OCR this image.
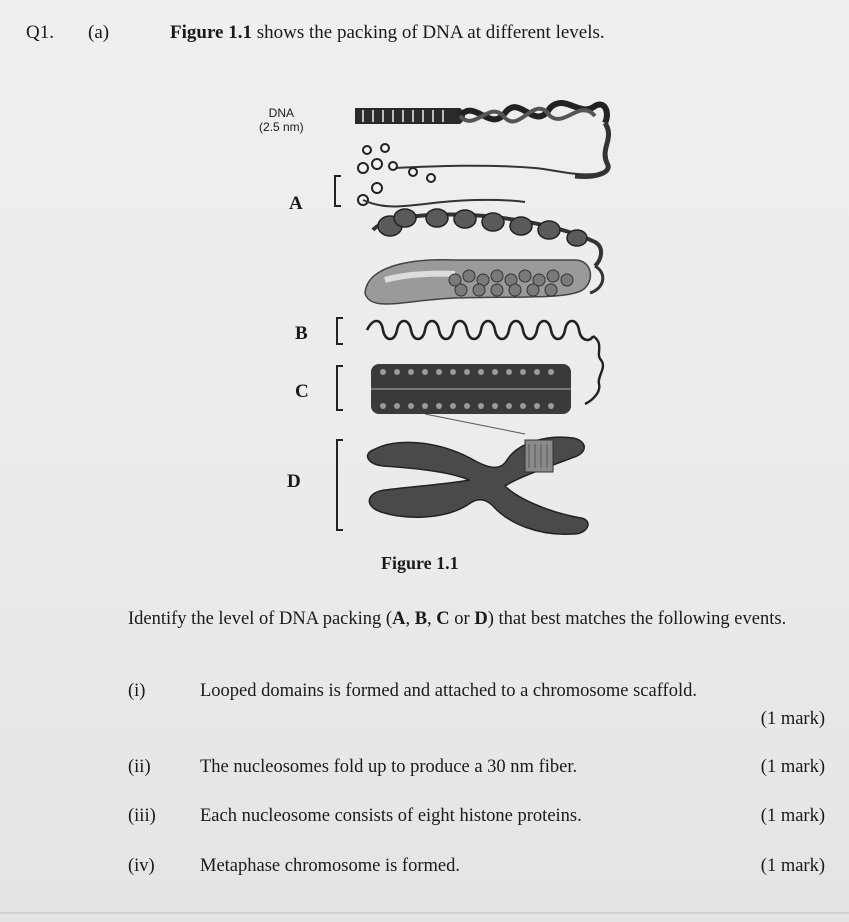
Q1. (a)	Figure 1.1 shows the packing of DNA at different levels.
DNA
(2.5 nm)
A
B
C
D
Figure 1.1
Identify the level of DNA packing (A, B, C or D) that best matches the following events.
(i)	Looped domains is formed and attached to a chromosome scaffold.
(1 mark)
(ii)	The nucleosomes fold up to produce a 30 nm fiber.	(1 mark)
(iii) Each nucleosome consists of eight histone proteins.	(1 mark)
(iv) Metaphase chromosome is formed.	(1 mark)
